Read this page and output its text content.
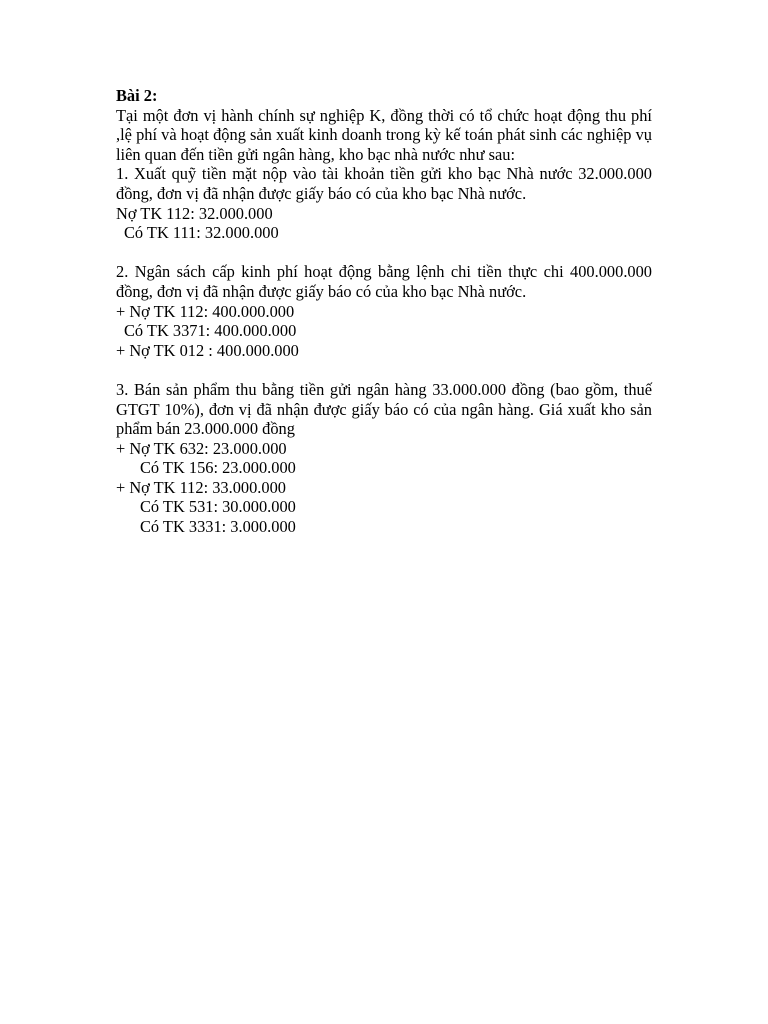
Bài 2:

Tại một đơn vị hành chính sự nghiệp K, đồng thời có tổ chức hoạt động thu phí ,lệ phí và hoạt động sản xuất kinh doanh trong kỳ kế toán phát sinh các nghiệp vụ liên quan đến tiền gửi ngân hàng, kho bạc nhà nước như sau:

1. Xuất quỹ tiền mặt nộp vào tài khoản tiền gửi kho bạc Nhà nước 32.000.000 đồng, đơn vị đã nhận được giấy báo có của kho bạc Nhà nước.

Nợ TK 112: 32.000.000

Có TK 111: 32.000.000

2. Ngân sách cấp kinh phí hoạt động bằng lệnh chi tiền thực chi 400.000.000 đồng, đơn vị đã nhận được giấy báo có của kho bạc Nhà nước.

+ Nợ TK 112: 400.000.000

Có TK 3371: 400.000.000

+ Nợ TK 012 : 400.000.000

3. Bán sản phẩm thu bằng tiền gửi ngân hàng 33.000.000 đồng (bao gồm, thuế GTGT 10%), đơn vị đã nhận được giấy báo có của ngân hàng. Giá xuất kho sản phẩm bán 23.000.000 đồng

+ Nợ TK 632: 23.000.000

Có TK 156: 23.000.000

+ Nợ TK 112: 33.000.000

Có TK 531: 30.000.000

Có TK 3331: 3.000.000
